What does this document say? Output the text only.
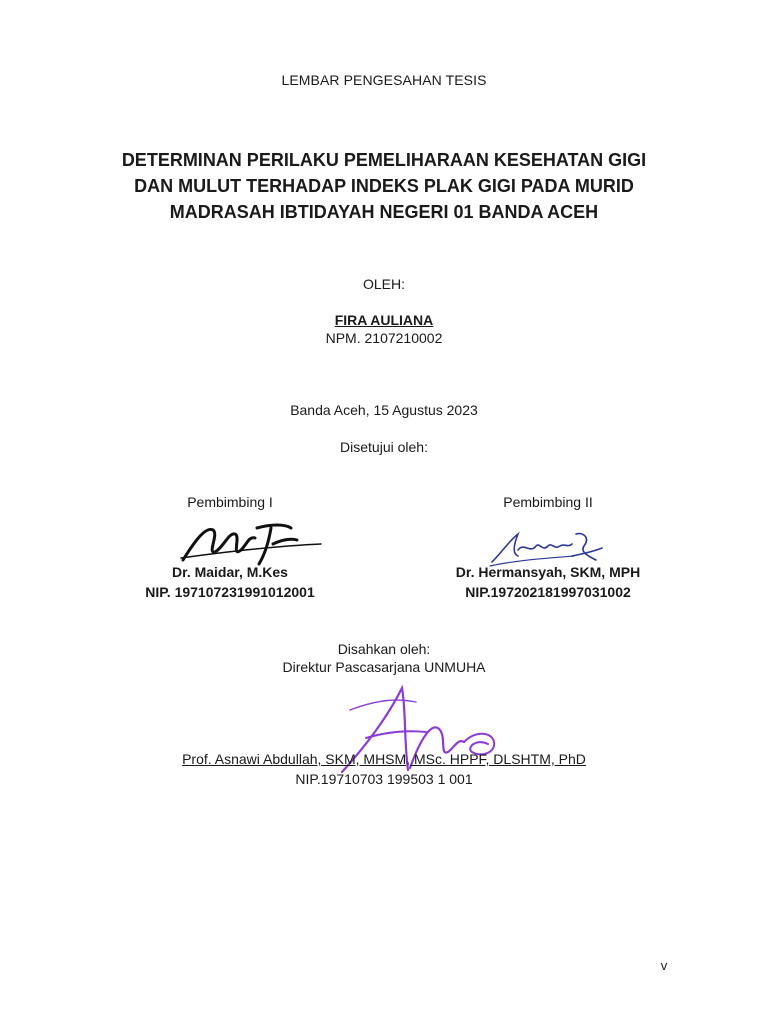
LEMBAR PENGESAHAN TESIS
DETERMINAN PERILAKU PEMELIHARAAN KESEHATAN GIGI DAN MULUT TERHADAP INDEKS PLAK GIGI PADA MURID MADRASAH IBTIDAYAH NEGERI 01 BANDA ACEH
OLEH:
FIRA AULIANA
NPM. 2107210002
Banda Aceh, 15 Agustus 2023
Disetujui oleh:
Pembimbing I
Dr. Maidar, M.Kes
NIP. 197107231991012001
Pembimbing II
Dr. Hermansyah, SKM, MPH
NIP.197202181997031002
Disahkan oleh:
Direktur Pascasarjana UNMUHA
Prof. Asnawi Abdullah, SKM, MHSM, MSc. HPPF, DLSHTM, PhD
NIP.19710703 199503 1 001
v
